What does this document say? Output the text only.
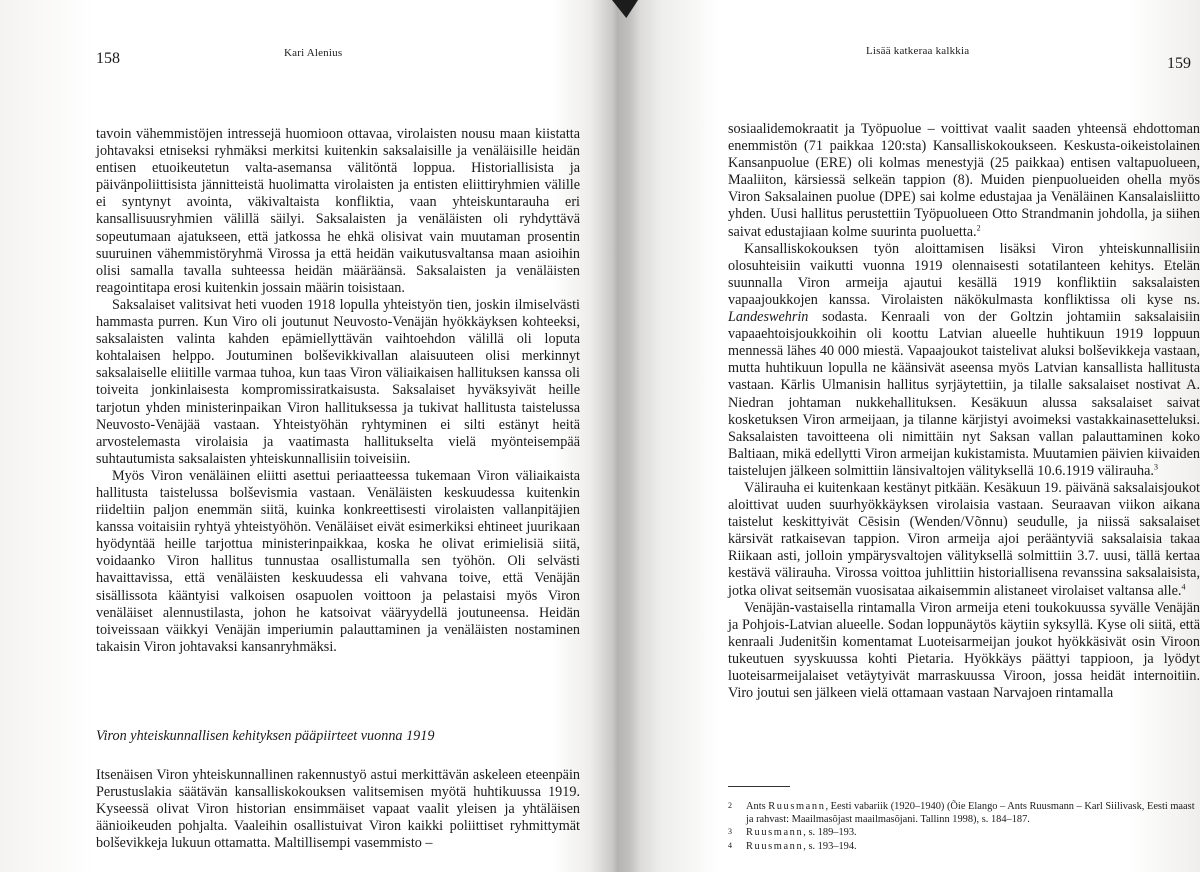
158	Kari Alenius

tavoin vähemmistöjen intressejä huomioon ottavaa, virolaisten nousu maan kiistatta johtavaksi etniseksi ryhmäksi merkitsi kuitenkin saksalaisille ja venäläisille heidän entisen etuoikeutetun valta-asemansa välitöntä loppua. Historiallisista ja päivänpoliittisista jännitteistä huolimatta virolaisten ja entisten eliittiryhmien välille ei syntynyt avointa, väkivaltaista konfliktia, vaan yhteiskuntarauha eri kansallisuusryhmien välillä säilyi. Saksalaisten ja venäläisten oli ryhdyttävä sopeutumaan ajatukseen, että jatkossa he ehkä olisivat vain muutaman prosentin suuruinen vähemmistöryhmä Virossa ja että heidän vaikutusvaltansa maan asioihin olisi samalla tavalla suhteessa heidän määräänsä. Saksalaisten ja venäläisten reagointitapa erosi kuitenkin jossain määrin toisistaan.

Saksalaiset valitsivat heti vuoden 1918 lopulla yhteistyön tien, joskin ilmiselvästi hammasta purren. Kun Viro oli joutunut Neuvosto-Venäjän hyökkäyksen kohteeksi, saksalaisten valinta kahden epämiellyttävän vaihtoehdon välillä oli loputa kohtalaisen helppo. Joutuminen bolševikkivallan alaisuuteen olisi merkinnyt saksalaiselle eliitille varmaa tuhoa, kun taas Viron väliaikaisen hallituksen kanssa oli toiveita jonkinlaisesta kompromissiratkaisusta. Saksalaiset hyväksyivät heille tarjotun yhden ministerinpaikan Viron hallituksessa ja tukivat hallitusta taistelussa Neuvosto-Venäjää vastaan. Yhteistyöhän ryhtyminen ei silti estänyt heitä arvostelemasta virolaisia ja vaatimasta hallitukselta vielä myönteisempää suhtautumista saksalaisten yhteiskunnallisiin toiveisiin.

Myös Viron venäläinen eliitti asettui periaatteessa tukemaan Viron väliaikaista hallitusta taistelussa bolševismia vastaan. Venäläisten keskuudessa kuitenkin riideltiin paljon enemmän siitä, kuinka konkreettisesti virolaisten vallanpitäjien kanssa voitaisiin ryhtyä yhteistyöhön. Venäläiset eivät esimerkiksi ehtineet juurikaan hyödyntää heille tarjottua ministerinpaikkaa, koska he olivat erimielisiä siitä, voidaanko Viron hallitus tunnustaa osallistumalla sen työhön. Oli selvästi havaittavissa, että venäläisten keskuudessa eli vahvana toive, että Venäjän sisällissota kääntyisi valkoisen osapuolen voittoon ja pelastaisi myös Viron venäläiset alennustilasta, johon he katsoivat vääryydellä joutuneensa. Heidän toiveissaan väikkyi Venäjän imperiumin palauttaminen ja venäläisten nostaminen takaisin Viron johtavaksi kansanryhmäksi.

Viron yhteiskunnallisen kehityksen pääpiirteet vuonna 1919

Itsenäisen Viron yhteiskunnallinen rakennustyö astui merkittävän askeleen eteenpäin Perustuslakia säätävän kansalliskokouksen valitsemisen myötä huhtikuussa 1919. Kyseessä olivat Viron historian ensimmäiset vapaat vaalit yleisen ja yhtäläisen äänioikeuden pohjalta. Vaaleihin osallistuivat Viron kaikki poliittiset ryhmittymät bolševikkeja lukuun ottamatta. Maltillisempi vasemmisto –

Lisää katkeraa kalkkia
159

sosiaalidemokraatit ja Työpuolue – voittivat vaalit saaden yhteensä ehdottoman enemmistön (71 paikkaa 120:sta) Kansalliskokoukseen. Keskusta-oikeistolainen Kansanpuolue (ERE) oli kolmas menestyjä (25 paikkaa) entisen valtapuolueen, Maaliiton, kärsiessä selkeän tappion (8). Muiden pienpuolueiden ohella myös Viron Saksalainen puolue (DPE) sai kolme edustajaa ja Venäläinen Kansalaisliitto yhden. Uusi hallitus perustettiin Työpuolueen Otto Strandmanin johdolla, ja siihen saivat edustajiaan kolme suurinta puoluetta.$^2$

Kansalliskokouksen työn aloittamisen lisäksi Viron yhteiskunnallisiin olosuhteisiin vaikutti vuonna 1919 olennaisesti sotatilanteen kehitys. Etelän suunnalla Viron armeija ajautui kesällä 1919 konfliktiin saksalaisten vapaajoukkojen kanssa. Virolaisten näkökulmasta konfliktissa oli kyse ns. Landeswehrin sodasta. Kenraali von der Goltzin johtamiin saksalaisiin vapaaehtoisjoukkoihin oli koottu Latvian alueelle huhtikuun 1919 loppuun mennessä lähes 40 000 miestä. Vapaajoukot taistelivat aluksi bolševikkeja vastaan, mutta huhtikuun lopulla ne käänsivät aseensa myös Latvian kansallista hallitusta vastaan. Kārlis Ulmanisin hallitus syrjäytettiin, ja tilalle saksalaiset nostivat A. Niedran johtaman nukkehallituksen. Kesäkuun alussa saksalaiset saivat kosketuksen Viron armeijaan, ja tilanne kärjistyi avoimeksi vastakkainasetteluksi. Saksalaisten tavoitteena oli nimittäin nyt Saksan vallan palauttaminen koko Baltiaan, mikä edellytti Viron armeijan kukistamista. Muutamien päivien kiivaiden taistelujen jälkeen solmittiin länsivaltojen välityksellä 10.6.1919 välirauha.$^3$

Välirauha ei kuitenkaan kestänyt pitkään. Kesäkuun 19. päivänä saksalaisjoukot aloittivat uuden suurhyökkäyksen virolaisia vastaan. Seuraavan viikon aikana taistelut keskittyivät Cēsisin (Wenden/Võnnu) seudulle, ja niissä saksalaiset kärsivät ratkaisevan tappion. Viron armeija ajoi perääntyviä saksalaisia takaa Riikaan asti, jolloin ympärysvaltojen välityksellä solmittiin 3.7. uusi, tällä kertaa kestävä välirauha. Virossa voittoa juhlittiin historiallisena revanssina saksalaisista, jotka olivat seitsemän vuosisataa aikaisemmin alistaneet virolaiset valtansa alle.$^4$

Venäjän-vastaisella rintamalla Viron armeija eteni toukokuussa syvälle Venäjän ja Pohjois-Latvian alueelle. Sodan loppunäytös käytiin syksyllä. Kyse oli siitä, että kenraali Judenitšin komentamat Luoteisarmeijan joukot hyökkäsivät osin Viroon tukeutuen syyskuussa kohti Pietaria. Hyökkäys päättyi tappioon, ja lyödyt luoteisarmeijalaiset vetäytyivät marraskuussa Viroon, jossa heidät internoitiin. Viro joutui sen jälkeen vielä ottamaan vastaan Narvajoen rintamalla

2	Ants Ruusmann, Eesti vabariik (1920–1940) (Õie Elango – Ants Ruusmann – Karl Siilivask, Eesti maast ja rahvast: Maailmasõjast maailmasõjani. Tallinn 1998), s. 184–187.
3	Ruusmann, s. 189–193.
4	Ruusmann, s. 193–194.
